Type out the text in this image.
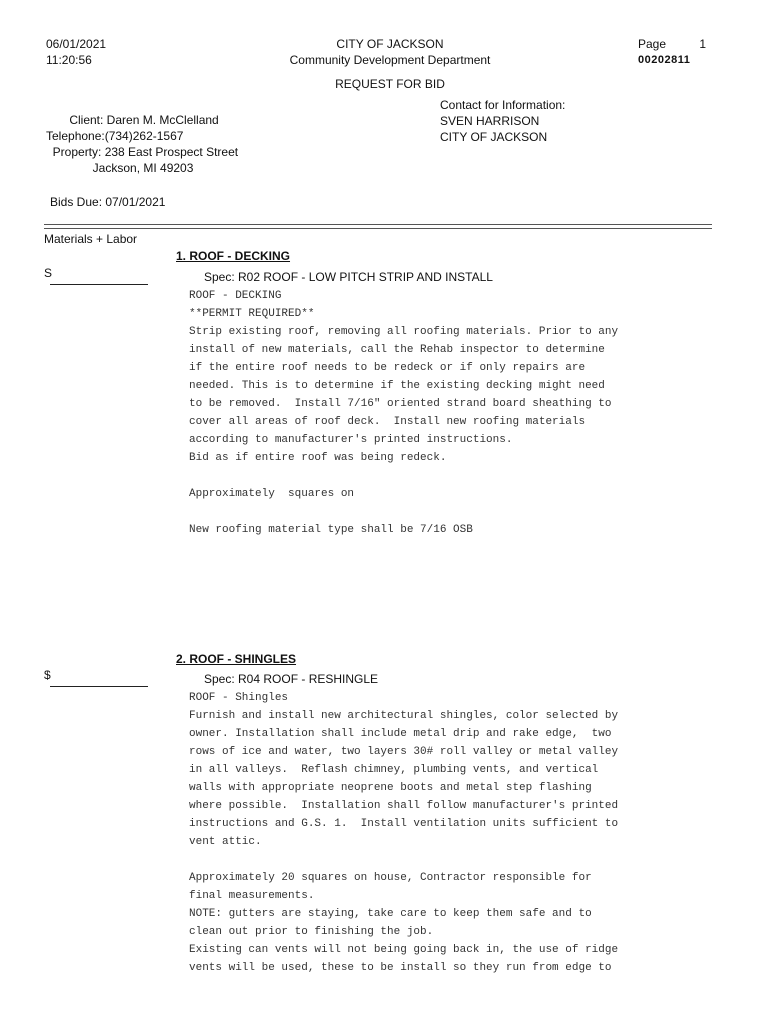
06/01/2021
11:20:56
CITY OF JACKSON
Community Development Department
Page	1
00202811
REQUEST FOR BID
Contact for Information:
SVEN HARRISON
CITY OF JACKSON
Client: Daren M. McClelland
Telephone:(734)262-1567
Property: 238 East Prospect Street
Jackson, MI 49203
Bids Due: 07/01/2021
Materials + Labor
1. ROOF - DECKING
S	Spec: R02 ROOF - LOW PITCH STRIP AND INSTALL
ROOF - DECKING
**PERMIT REQUIRED**
Strip existing roof, removing all roofing materials. Prior to any
install of new materials, call the Rehab inspector to determine
if the entire roof needs to be redeck or if only repairs are
needed. This is to determine if the existing decking might need
to be removed.  Install 7/16" oriented strand board sheathing to
cover all areas of roof deck.  Install new roofing materials
according to manufacturer's printed instructions.
Bid as if entire roof was being redeck.

Approximately  squares on

New roofing material type shall be 7/16 OSB
2. ROOF - SHINGLES
$	Spec: R04 ROOF - RESHINGLE
ROOF - Shingles
Furnish and install new architectural shingles, color selected by
owner. Installation shall include metal drip and rake edge,  two
rows of ice and water, two layers 30# roll valley or metal valley
in all valleys.  Reflash chimney, plumbing vents, and vertical
walls with appropriate neoprene boots and metal step flashing
where possible.  Installation shall follow manufacturer's printed
instructions and G.S. 1.  Install ventilation units sufficient to
vent attic.

Approximately 20 squares on house, Contractor responsible for
final measurements.
NOTE: gutters are staying, take care to keep them safe and to
clean out prior to finishing the job.
Existing can vents will not being going back in, the use of ridge
vents will be used, these to be install so they run from edge to
